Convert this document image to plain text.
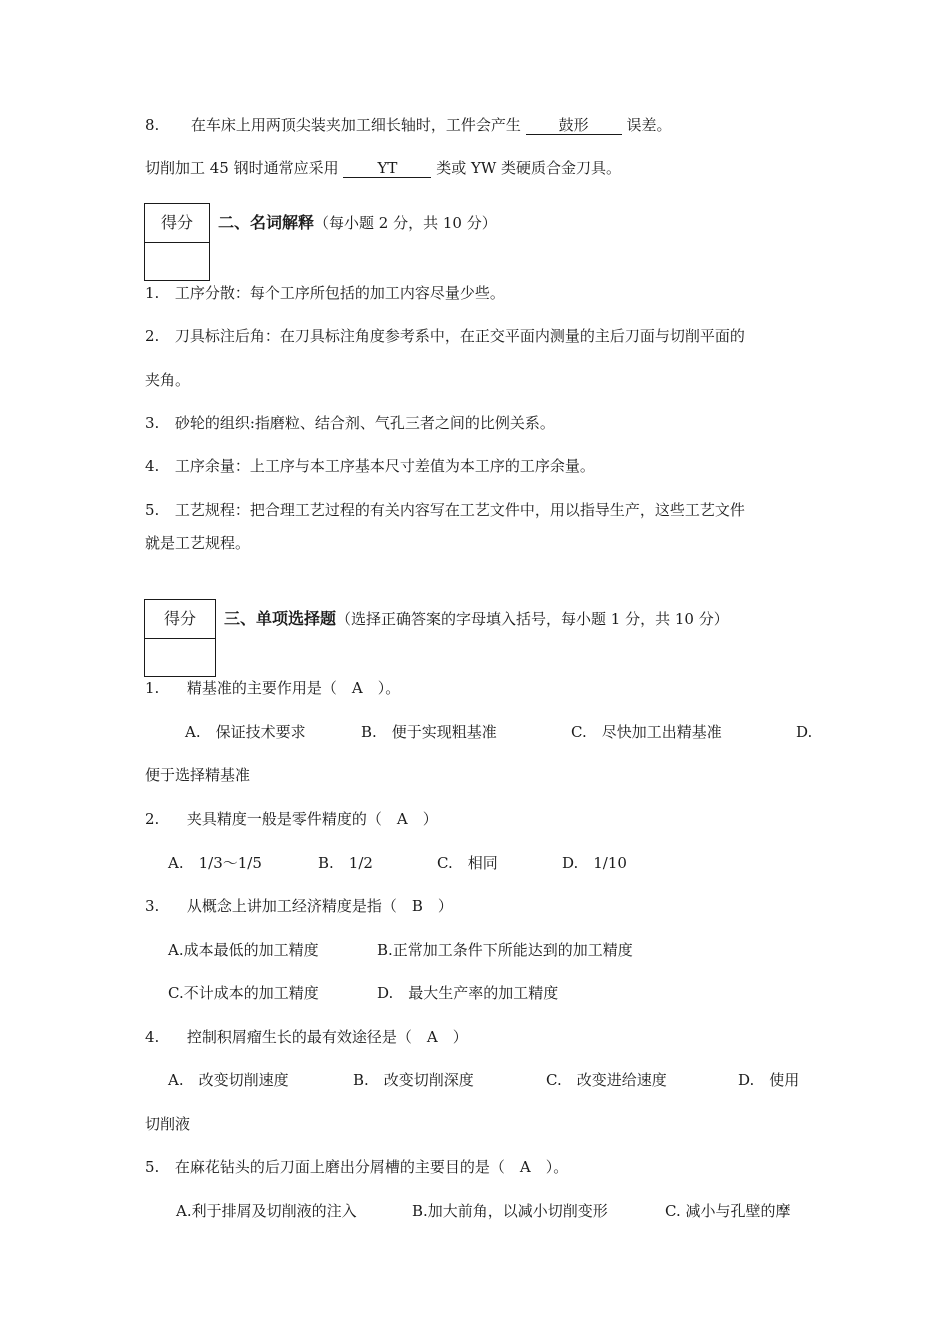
8. 在车床上用两顶尖装夹加工细长轴时，工件会产生	鼓形	误差。
切削加工 45 钢时通常应采用	YT	类或 YW 类硬质合金刀具。
得分	二、名词解释（每小题 2 分，共 10 分）
1. 工序分散：每个工序所包括的加工内容尽量少些。
2. 刀具标注后角：在刀具标注角度参考系中，在正交平面内测量的主后刀面与切削平面的
夹角。
3. 砂轮的组织:指磨粒、结合剂、气孔三者之间的比例关系。
4. 工序余量：上工序与本工序基本尺寸差值为本工序的工序余量。
5. 工艺规程：把合理工艺过程的有关内容写在工艺文件中，用以指导生产，这些工艺文件
就是工艺规程。
得分	三、单项选择题（选择正确答案的字母填入括号，每小题 1 分，共 10 分）
1. 精基准的主要作用是（　A　）。
A.　保证技术要求	B.　便于实现粗基准	C.　尽快加工出精基准	D.
便于选择精基准
2. 夹具精度一般是零件精度的（　A　）
A.　1/3～1/5	B.　1/2	C.　相同	D.　1/10
3. 从概念上讲加工经济精度是指（　B　）
A.成本最低的加工精度	B.正常加工条件下所能达到的加工精度
C.不计成本的加工精度	D.　最大生产率的加工精度
4. 控制积屑瘤生长的最有效途径是（　A　）
A.　改变切削速度	B.　改变切削深度	C.　改变进给速度	D.　使用
切削液
5. 在麻花钻头的后刀面上磨出分屑槽的主要目的是（　A　）。
A.利于排屑及切削液的注入	B.加大前角，以减小切削变形	C. 减小与孔壁的摩
